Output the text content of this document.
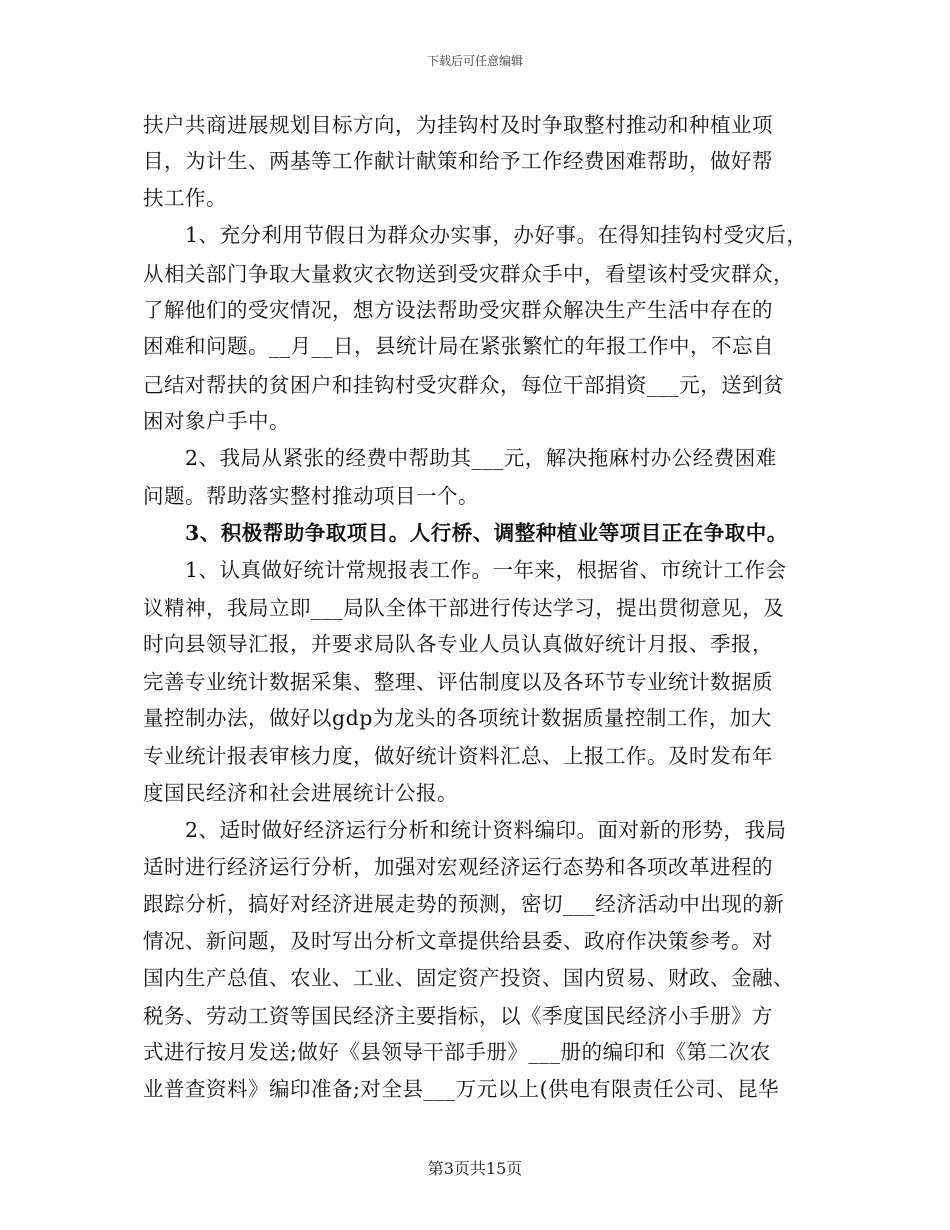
下载后可任意编辑
扶户共商进展规划目标方向，为挂钩村及时争取整村推动和种植业项
目，为计生、两基等工作献计献策和给予工作经费困难帮助，做好帮
扶工作。
　　1、充分利用节假日为群众办实事，办好事。在得知挂钩村受灾后，
从相关部门争取大量救灾衣物送到受灾群众手中，看望该村受灾群众，
了解他们的受灾情况，想方设法帮助受灾群众解决生产生活中存在的
困难和问题。__月__日，县统计局在紧张繁忙的年报工作中，不忘自
己结对帮扶的贫困户和挂钩村受灾群众，每位干部捐资___元，送到贫
困对象户手中。
　　2、我局从紧张的经费中帮助其___元，解决拖麻村办公经费困难
问题。帮助落实整村推动项目一个。
　　3、积极帮助争取项目。人行桥、调整种植业等项目正在争取中。
　　1、认真做好统计常规报表工作。一年来，根据省、市统计工作会
议精神，我局立即___局队全体干部进行传达学习，提出贯彻意见，及
时向县领导汇报，并要求局队各专业人员认真做好统计月报、季报，
完善专业统计数据采集、整理、评估制度以及各环节专业统计数据质
量控制办法，做好以gdp为龙头的各项统计数据质量控制工作，加大
专业统计报表审核力度，做好统计资料汇总、上报工作。及时发布年
度国民经济和社会进展统计公报。
　　2、适时做好经济运行分析和统计资料编印。面对新的形势，我局
适时进行经济运行分析，加强对宏观经济运行态势和各项改革进程的
跟踪分析，搞好对经济进展走势的预测，密切___经济活动中出现的新
情况、新问题，及时写出分析文章提供给县委、政府作决策参考。对
国内生产总值、农业、工业、固定资产投资、国内贸易、财政、金融、
税务、劳动工资等国民经济主要指标，以《季度国民经济小手册》方
式进行按月发送;做好《县领导干部手册》___册的编印和《第二次农
业普查资料》编印准备;对全县___万元以上(供电有限责任公司、昆华
第3页共15页
